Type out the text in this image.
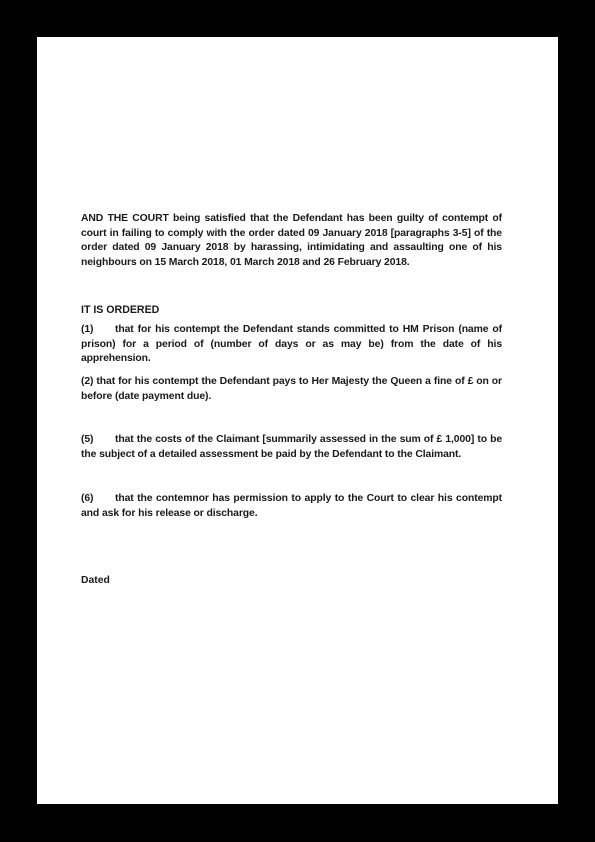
AND THE COURT being satisfied that the Defendant has been guilty of contempt of court in failing to comply with the order dated 09 January 2018 [paragraphs 3-5] of the order dated 09 January 2018 by harassing, intimidating and assaulting one of his neighbours on 15 March 2018, 01 March 2018 and 26 February 2018.
IT IS ORDERED
(1) that for his contempt the Defendant stands committed to HM Prison (name of prison) for a period of (number of days or as may be) from the date of his apprehension.
(2) that for his contempt the Defendant pays to Her Majesty the Queen a fine of £ on or before (date payment due).
(5) that the costs of the Claimant [summarily assessed in the sum of £ 1,000] to be the subject of a detailed assessment be paid by the Defendant to the Claimant.
(6) that the contemnor has permission to apply to the Court to clear his contempt and ask for his release or discharge.
Dated
